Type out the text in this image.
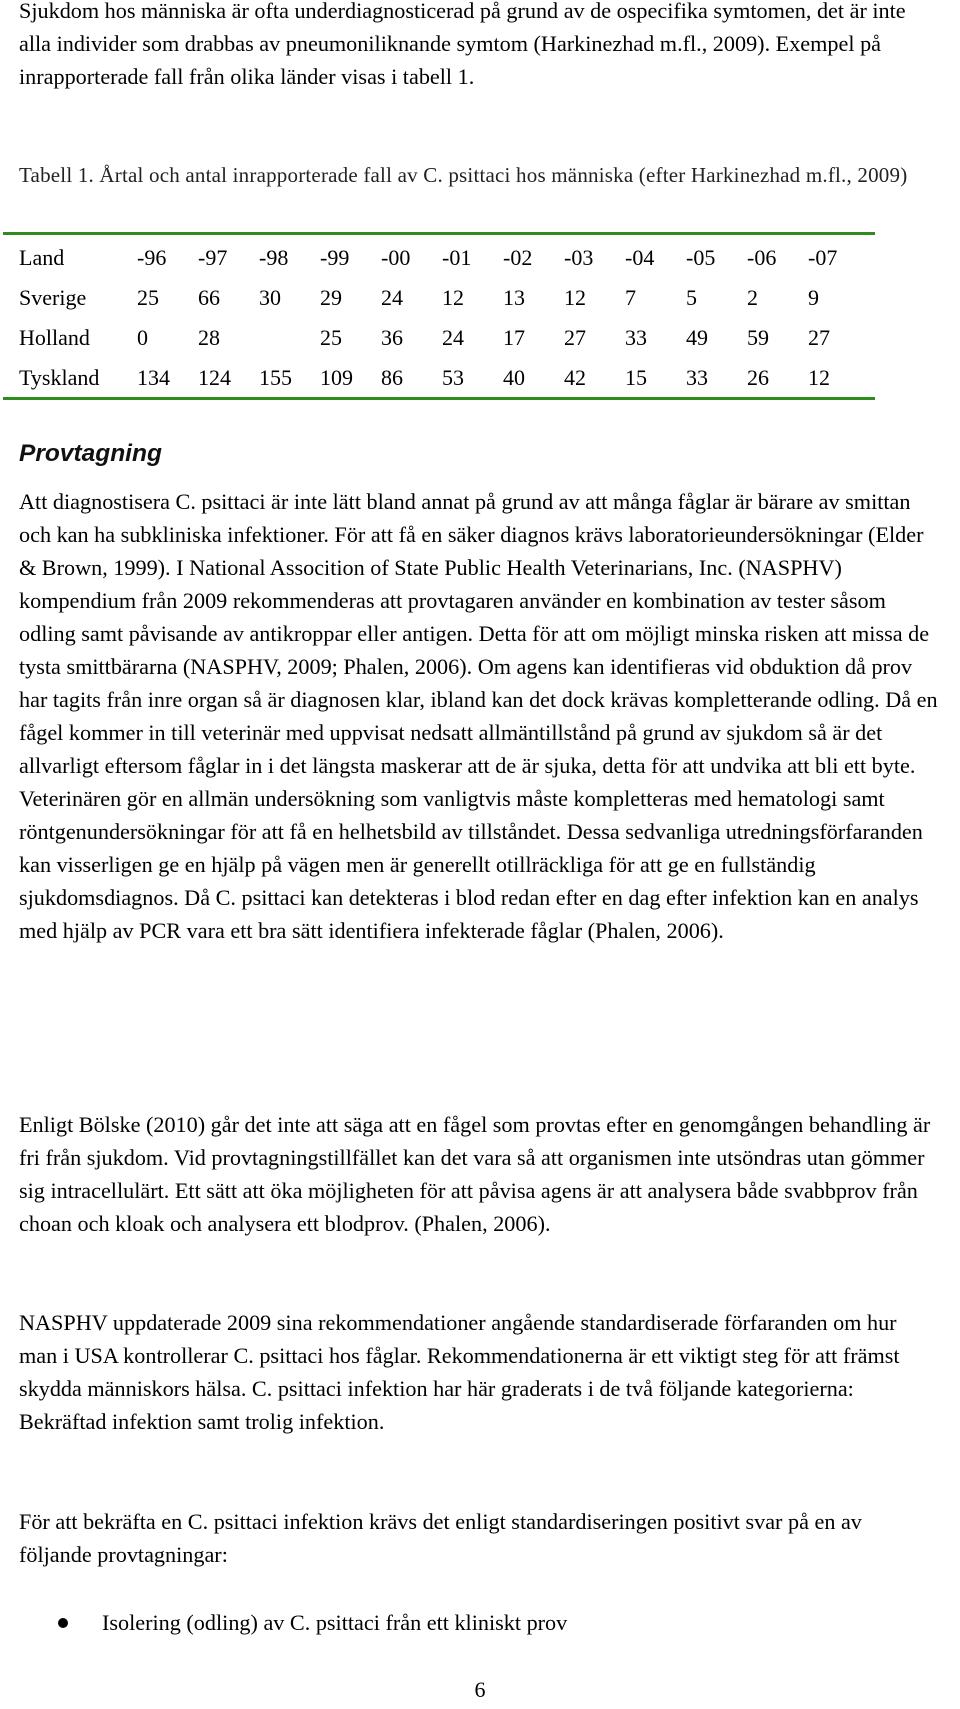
Sjukdom hos människa är ofta underdiagnosticerad på grund av de ospecifika symtomen, det är inte alla individer som drabbas av pneumoniliknande symtom (Harkinezhad m.fl., 2009). Exempel på inrapporterade fall från olika länder visas i tabell 1.

Tabell 1. Årtal och antal inrapporterade fall av C. psittaci hos människa (efter Harkinezhad m.fl., 2009)

Land	-96	-97	-98	-99	-00	-01	-02	-03	-04	-05	-06	-07
Sverige	25	66	30	29	24	12	13	12	7	5	2	9
Holland	0	28		25	36	24	17	27	33	49	59	27
Tyskland	134	124	155	109	86	53	40	42	15	33	26	12
Provtagning

Att diagnostisera C. psittaci är inte lätt bland annat på grund av att många fåglar är bärare av smittan och kan ha subkliniska infektioner. För att få en säker diagnos krävs laboratorieundersökningar (Elder & Brown, 1999). I National Assocition of State Public Health Veterinarians, Inc. (NASPHV) kompendium från 2009 rekommenderas att provtagaren använder en kombination av tester såsom odling samt påvisande av antikroppar eller antigen. Detta för att om möjligt minska risken att missa de tysta smittbärarna (NASPHV, 2009; Phalen, 2006). Om agens kan identifieras vid obduktion då prov har tagits från inre organ så är diagnosen klar, ibland kan det dock krävas kompletterande odling. Då en fågel kommer in till veterinär med uppvisat nedsatt allmäntillstånd på grund av sjukdom så är det allvarligt eftersom fåglar in i det längsta maskerar att de är sjuka, detta för att undvika att bli ett byte. Veterinären gör en allmän undersökning som vanligtvis måste kompletteras med hematologi samt röntgenundersökningar för att få en helhetsbild av tillståndet. Dessa sedvanliga utredningsförfaranden kan visserligen ge en hjälp på vägen men är generellt otillräckliga för att ge en fullständig sjukdomsdiagnos. Då C. psittaci kan detekteras i blod redan efter en dag efter infektion kan en analys med hjälp av PCR vara ett bra sätt identifiera infekterade fåglar (Phalen, 2006).

Enligt Bölske (2010) går det inte att säga att en fågel som provtas efter en genomgången behandling är fri från sjukdom. Vid provtagningstillfället kan det vara så att organismen inte utsöndras utan gömmer sig intracellulärt. Ett sätt att öka möjligheten för att påvisa agens är att analysera både svabbprov från choan och kloak och analysera ett blodprov. (Phalen, 2006).

NASPHV uppdaterade 2009 sina rekommendationer angående standardiserade förfaranden om hur man i USA kontrollerar C. psittaci hos fåglar. Rekommendationerna är ett viktigt steg för att främst skydda människors hälsa. C. psittaci infektion har här graderats i de två följande kategorierna: Bekräftad infektion samt trolig infektion.

För att bekräfta en C. psittaci infektion krävs det enligt standardiseringen positivt svar på en av följande provtagningar:

Isolering (odling) av C. psittaci från ett kliniskt prov

6
